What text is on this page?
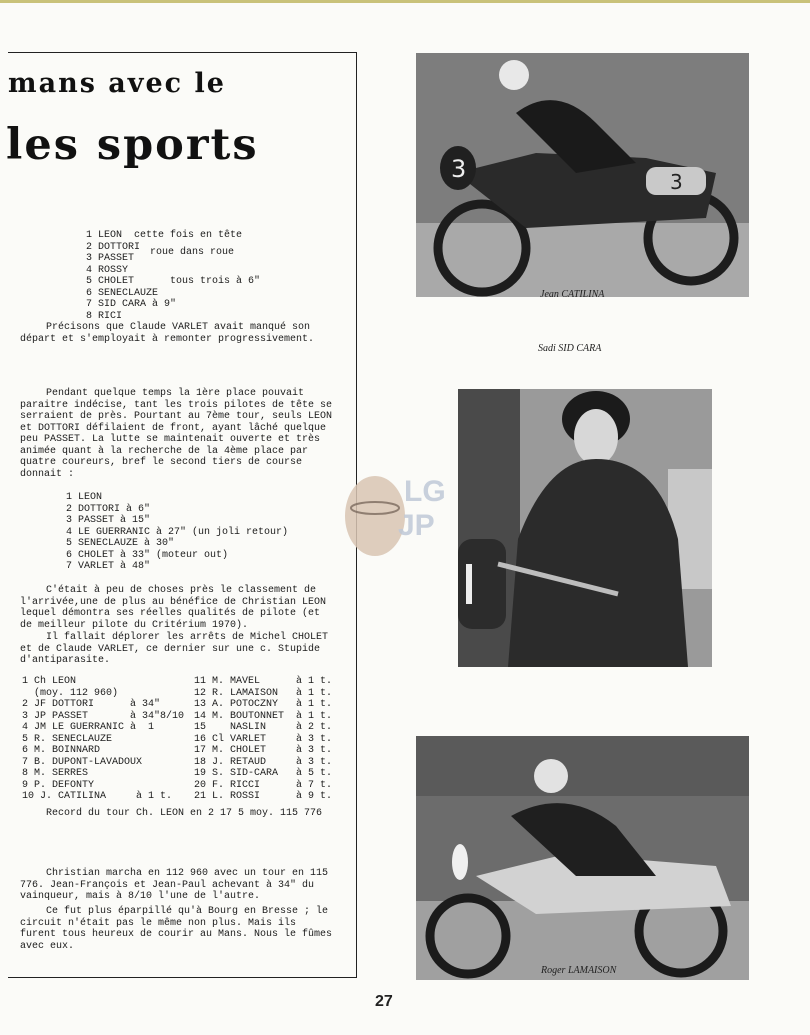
mans avec le
les sports
1 LEON  cette fois en tête
2 DOTTORI
3 PASSET
4 ROSSY
5 CHOLET
6 SENECLAUZE
7 SID CARA à 9"
8 RICI
roue dans roue
tous trois à 6"
Précisons que Claude VARLET avait manqué son départ et s'employait à remonter progressivement.
Pendant quelque temps la 1ère place pouvait paraitre indécise, tant les trois pilotes de tête se serraient de près. Pourtant au 7ème tour, seuls LEON et DOTTORI défilaient de front, ayant lâché quelque peu PASSET. La lutte se maintenait ouverte et très animée quant à la recherche de la 4ème place par quatre coureurs, bref le second tiers de course donnait :
1 LEON
2 DOTTORI à 6"
3 PASSET à 15"
4 LE GUERRANIC à 27" (un joli retour)
5 SENECLAUZE à 30"
6 CHOLET à 33" (moteur out)
7 VARLET à 48"
C'était à peu de choses près le classement de l'arrivée,une de plus au bénéfice de Christian LEON lequel démontra ses réelles qualités de pilote (et de meilleur pilote du Critérium 1970).
Il fallait déplorer les arrêts de Michel CHOLET et de Claude VARLET, ce dernier sur une c. Stupide d'antiparasite.
1 Ch LEON
(moy. 112 960)
2 JF DOTTORI      à 34"
3 JP PASSET       à 34"8/10
4 JM LE GUERRANIC à  1
5 R. SENECLAUZE
6 M. BOINNARD
7 B. DUPONT-LAVADOUX
8 M. SERRES
9 P. DEFONTY
10 J. CATILINA     à 1 t.
11 M. MAVEL      à 1 t.
12 R. LAMAISON   à 1 t.
13 A. POTOCZNY   à 1 t.
14 M. BOUTONNET  à 1 t.
15    NASLIN     à 2 t.
16 Cl VARLET     à 3 t.
17 M. CHOLET     à 3 t.
18 J. RETAUD     à 3 t.
19 S. SID-CARA   à 5 t.
20 F. RICCI      à 7 t.
21 L. ROSSI      à 9 t.
Record du tour Ch. LEON en 2 17 5 moy. 115 776
Christian marcha en 112 960 avec un tour en 115 776. Jean-François et Jean-Paul achevant à 34" du vainqueur, mais à 8/10 l'une de l'autre.
Ce fut plus éparpillé qu'à Bourg en Bresse ; le circuit n'était pas le même non plus. Mais ils furent tous heureux de courir au Mans. Nous le fûmes avec eux.
3	3
Jean CATILINA
Sadi SID CARA
Roger LAMAISON
LG
JP
27
